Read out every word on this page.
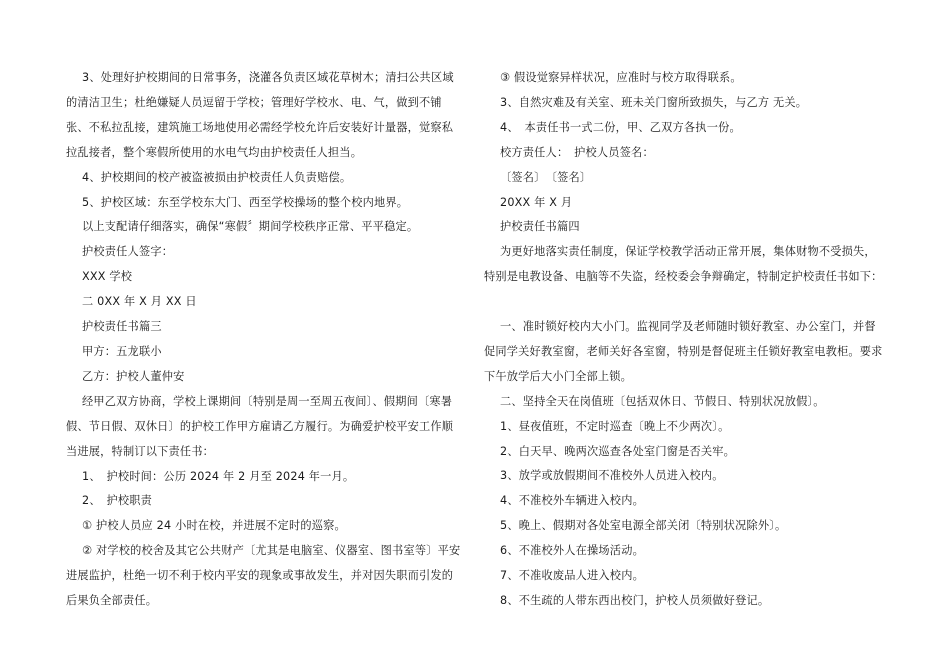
3、处理好护校期间的日常事务，浇灌各负责区域花草树木；清扫公共区域的清洁卫生；杜绝嫌疑人员逗留于学校；管理好学校水、电、气，做到不铺张、不私拉乱接，建筑施工场地使用必需经学校允许后安装好计量器，觉察私拉乱接者，整个寒假所使用的水电气均由护校责任人担当。

4、护校期间的校产被盗被损由护校责任人负责赔偿。

5、护校区域：东至学校东大门、西至学校操场的整个校内地界。

以上支配请仔细落实，确保“寒假〞期间学校秩序正常、平平稳定。

护校责任人签字：

XXX 学校

二 0XX 年 X 月 XX 日

护校责任书篇三

甲方：五龙联小

乙方：护校人董仲安

经甲乙双方协商，学校上课期间〔特别是周一至周五夜间〕、假期间〔寒暑假、节日假、双休日〕的护校工作甲方雇请乙方履行。为确爱护校平安工作顺当进展，特制订以下责任书：

1、　护校时间：公历 2024 年 2 月至 2024 年一月。

2、　护校职责

① 护校人员应 24 小时在校，并进展不定时的巡察。

② 对学校的校舍及其它公共财产〔尤其是电脑室、仪器室、图书室等〕平安进展监护，杜绝一切不利于校内平安的现象或事故发生，并对因失职而引发的后果负全部责任。

③ 假设觉察异样状况，应准时与校方取得联系。

3、自然灾难及有关室、班未关门窗所致损失，与乙方 无关。

4、　本责任书一式二份，甲、乙双方各执一份。

校方责任人：　护校人员签名：

〔签名〕　〔签名〕

20XX 年 X 月

护校责任书篇四

为更好地落实责任制度，保证学校教学活动正常开展，集体财物不受损失，特别是电教设备、电脑等不失盗，经校委会争辩确定，特制定护校责任书如下：

一、准时锁好校内大小门。监视同学及老师随时锁好教室、办公室门，并督促同学关好教室窗，老师关好各室窗，特别是督促班主任锁好教室电教柜。要求下午放学后大小门全部上锁。

二、坚持全天在岗值班〔包括双休日、节假日、特别状况放假〕。

1、昼夜值班，不定时巡查〔晚上不少两次〕。

2、白天早、晚两次巡查各处室门窗是否关牢。

3、放学或放假期间不准校外人员进入校内。

4、不准校外车辆进入校内。

5、晚上、假期对各处室电源全部关闭〔特别状况除外〕。

6、不准校外人在操场活动。

7、不准收废品人进入校内。

8、不生疏的人带东西出校门，护校人员须做好登记。
